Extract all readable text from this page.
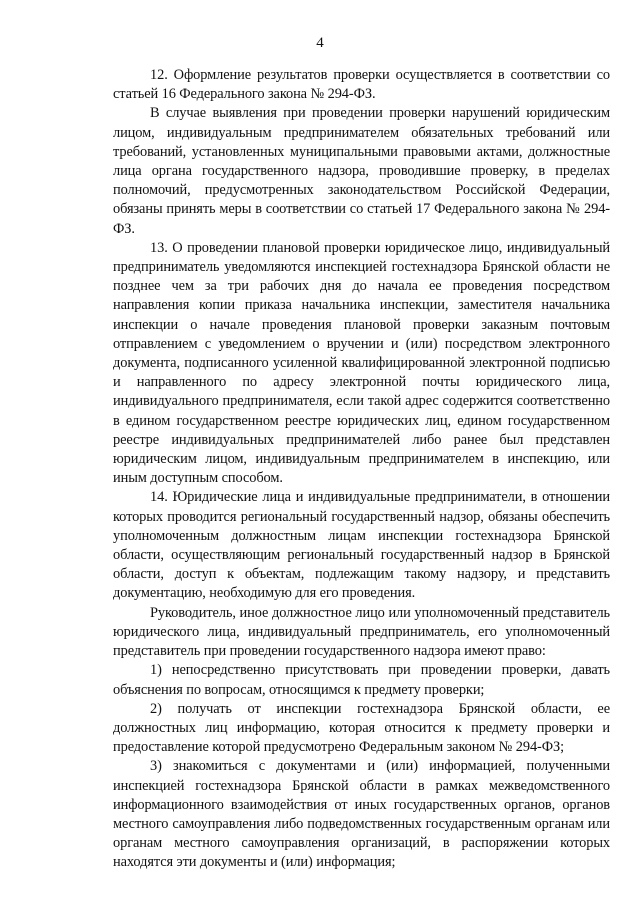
4

12. Оформление результатов проверки осуществляется в соответствии со статьей 16 Федерального закона № 294-ФЗ.

В случае выявления при проведении проверки нарушений юридическим лицом, индивидуальным предпринимателем обязательных требований или требований, установленных муниципальными правовыми актами, должностные лица органа государственного надзора, проводившие проверку, в пределах полномочий, предусмотренных законодательством Российской Федерации, обязаны принять меры в соответствии со статьей 17 Федерального закона № 294-ФЗ.

13. О проведении плановой проверки юридическое лицо, индивидуальный предприниматель уведомляются инспекцией гостехнадзора Брянской области не позднее чем за три рабочих дня до начала ее проведения посредством направления копии приказа начальника инспекции, заместителя начальника инспекции о начале проведения плановой проверки заказным почтовым отправлением с уведомлением о вручении и (или) посредством электронного документа, подписанного усиленной квалифицированной электронной подписью и направленного по адресу электронной почты юридического лица, индивидуального предпринимателя, если такой адрес содержится соответственно в едином государственном реестре юридических лиц, едином государственном реестре индивидуальных предпринимателей либо ранее был представлен юридическим лицом, индивидуальным предпринимателем в инспекцию, или иным доступным способом.

14. Юридические лица и индивидуальные предприниматели, в отношении которых проводится региональный государственный надзор, обязаны обеспечить уполномоченным должностным лицам инспекции гостехнадзора Брянской области, осуществляющим региональный государственный надзор в Брянской области, доступ к объектам, подлежащим такому надзору, и представить документацию, необходимую для его проведения.

Руководитель, иное должностное лицо или уполномоченный представитель юридического лица, индивидуальный предприниматель, его уполномоченный представитель при проведении государственного надзора имеют право:

1) непосредственно присутствовать при проведении проверки, давать объяснения по вопросам, относящимся к предмету проверки;

2) получать от инспекции гостехнадзора Брянской области, ее должностных лиц информацию, которая относится к предмету проверки и предоставление которой предусмотрено Федеральным законом № 294-ФЗ;

3) знакомиться с документами и (или) информацией, полученными инспекцией гостехнадзора Брянской области в рамках межведомственного информационного взаимодействия от иных государственных органов, органов местного самоуправления либо подведомственных государственным органам или органам местного самоуправления организаций, в распоряжении которых находятся эти документы и (или) информация;
